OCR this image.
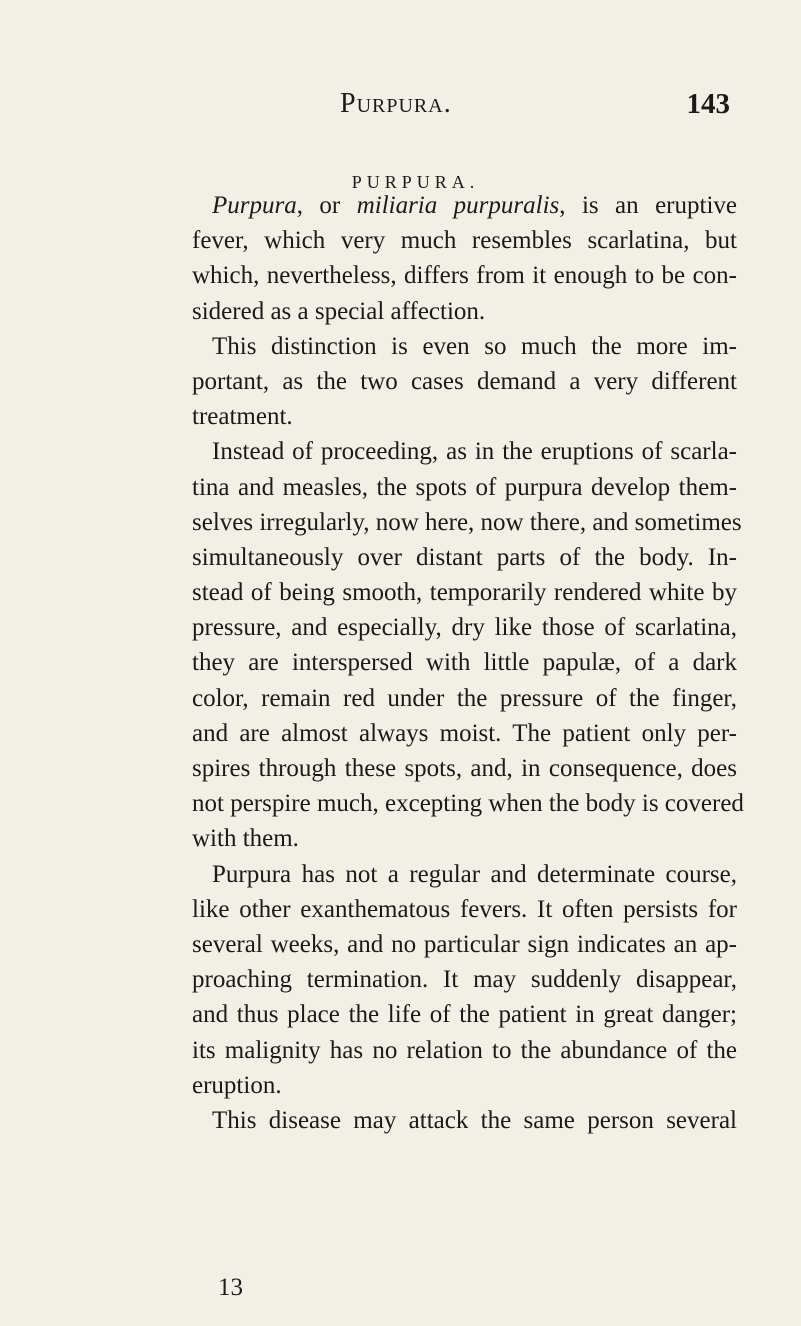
Purpura.	143
PURPURA.
Purpura, or miliaria purpuralis, is an eruptive
fever, which very much resembles scarlatina, but
which, nevertheless, differs from it enough to be con-
sidered as a special affection.
This distinction is even so much the more im-
portant, as the two cases demand a very different
treatment.
Instead of proceeding, as in the eruptions of scarla-
tina and measles, the spots of purpura develop them-
selves irregularly, now here, now there, and sometimes
simultaneously over distant parts of the body. In-
stead of being smooth, temporarily rendered white by
pressure, and especially, dry like those of scarlatina,
they are interspersed with little papulæ, of a dark
color, remain red under the pressure of the finger,
and are almost always moist. The patient only per-
spires through these spots, and, in consequence, does
not perspire much, excepting when the body is covered
with them.
Purpura has not a regular and determinate course,
like other exanthematous fevers. It often persists for
several weeks, and no particular sign indicates an ap-
proaching termination. It may suddenly disappear,
and thus place the life of the patient in great danger;
its malignity has no relation to the abundance of the
eruption.
This disease may attack the same person several
13
